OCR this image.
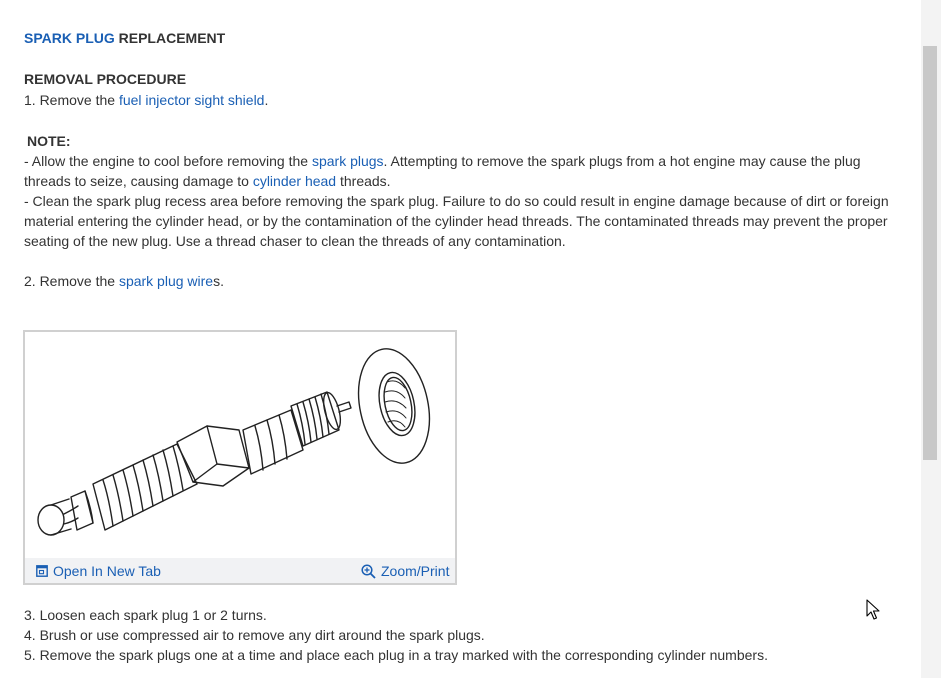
SPARK PLUG REPLACEMENT
REMOVAL PROCEDURE
1. Remove the fuel injector sight shield.
NOTE:
- Allow the engine to cool before removing the spark plugs. Attempting to remove the spark plugs from a hot engine may cause the plug threads to seize, causing damage to cylinder head threads.
- Clean the spark plug recess area before removing the spark plug. Failure to do so could result in engine damage because of dirt or foreign material entering the cylinder head, or by the contamination of the cylinder head threads. The contaminated threads may prevent the proper seating of the new plug. Use a thread chaser to clean the threads of any contamination.
2. Remove the spark plug wires.
3. Loosen each spark plug 1 or 2 turns.
4. Brush or use compressed air to remove any dirt around the spark plugs.
5. Remove the spark plugs one at a time and place each plug in a tray marked with the corresponding cylinder numbers.
Open In New Tab	Zoom/Print
